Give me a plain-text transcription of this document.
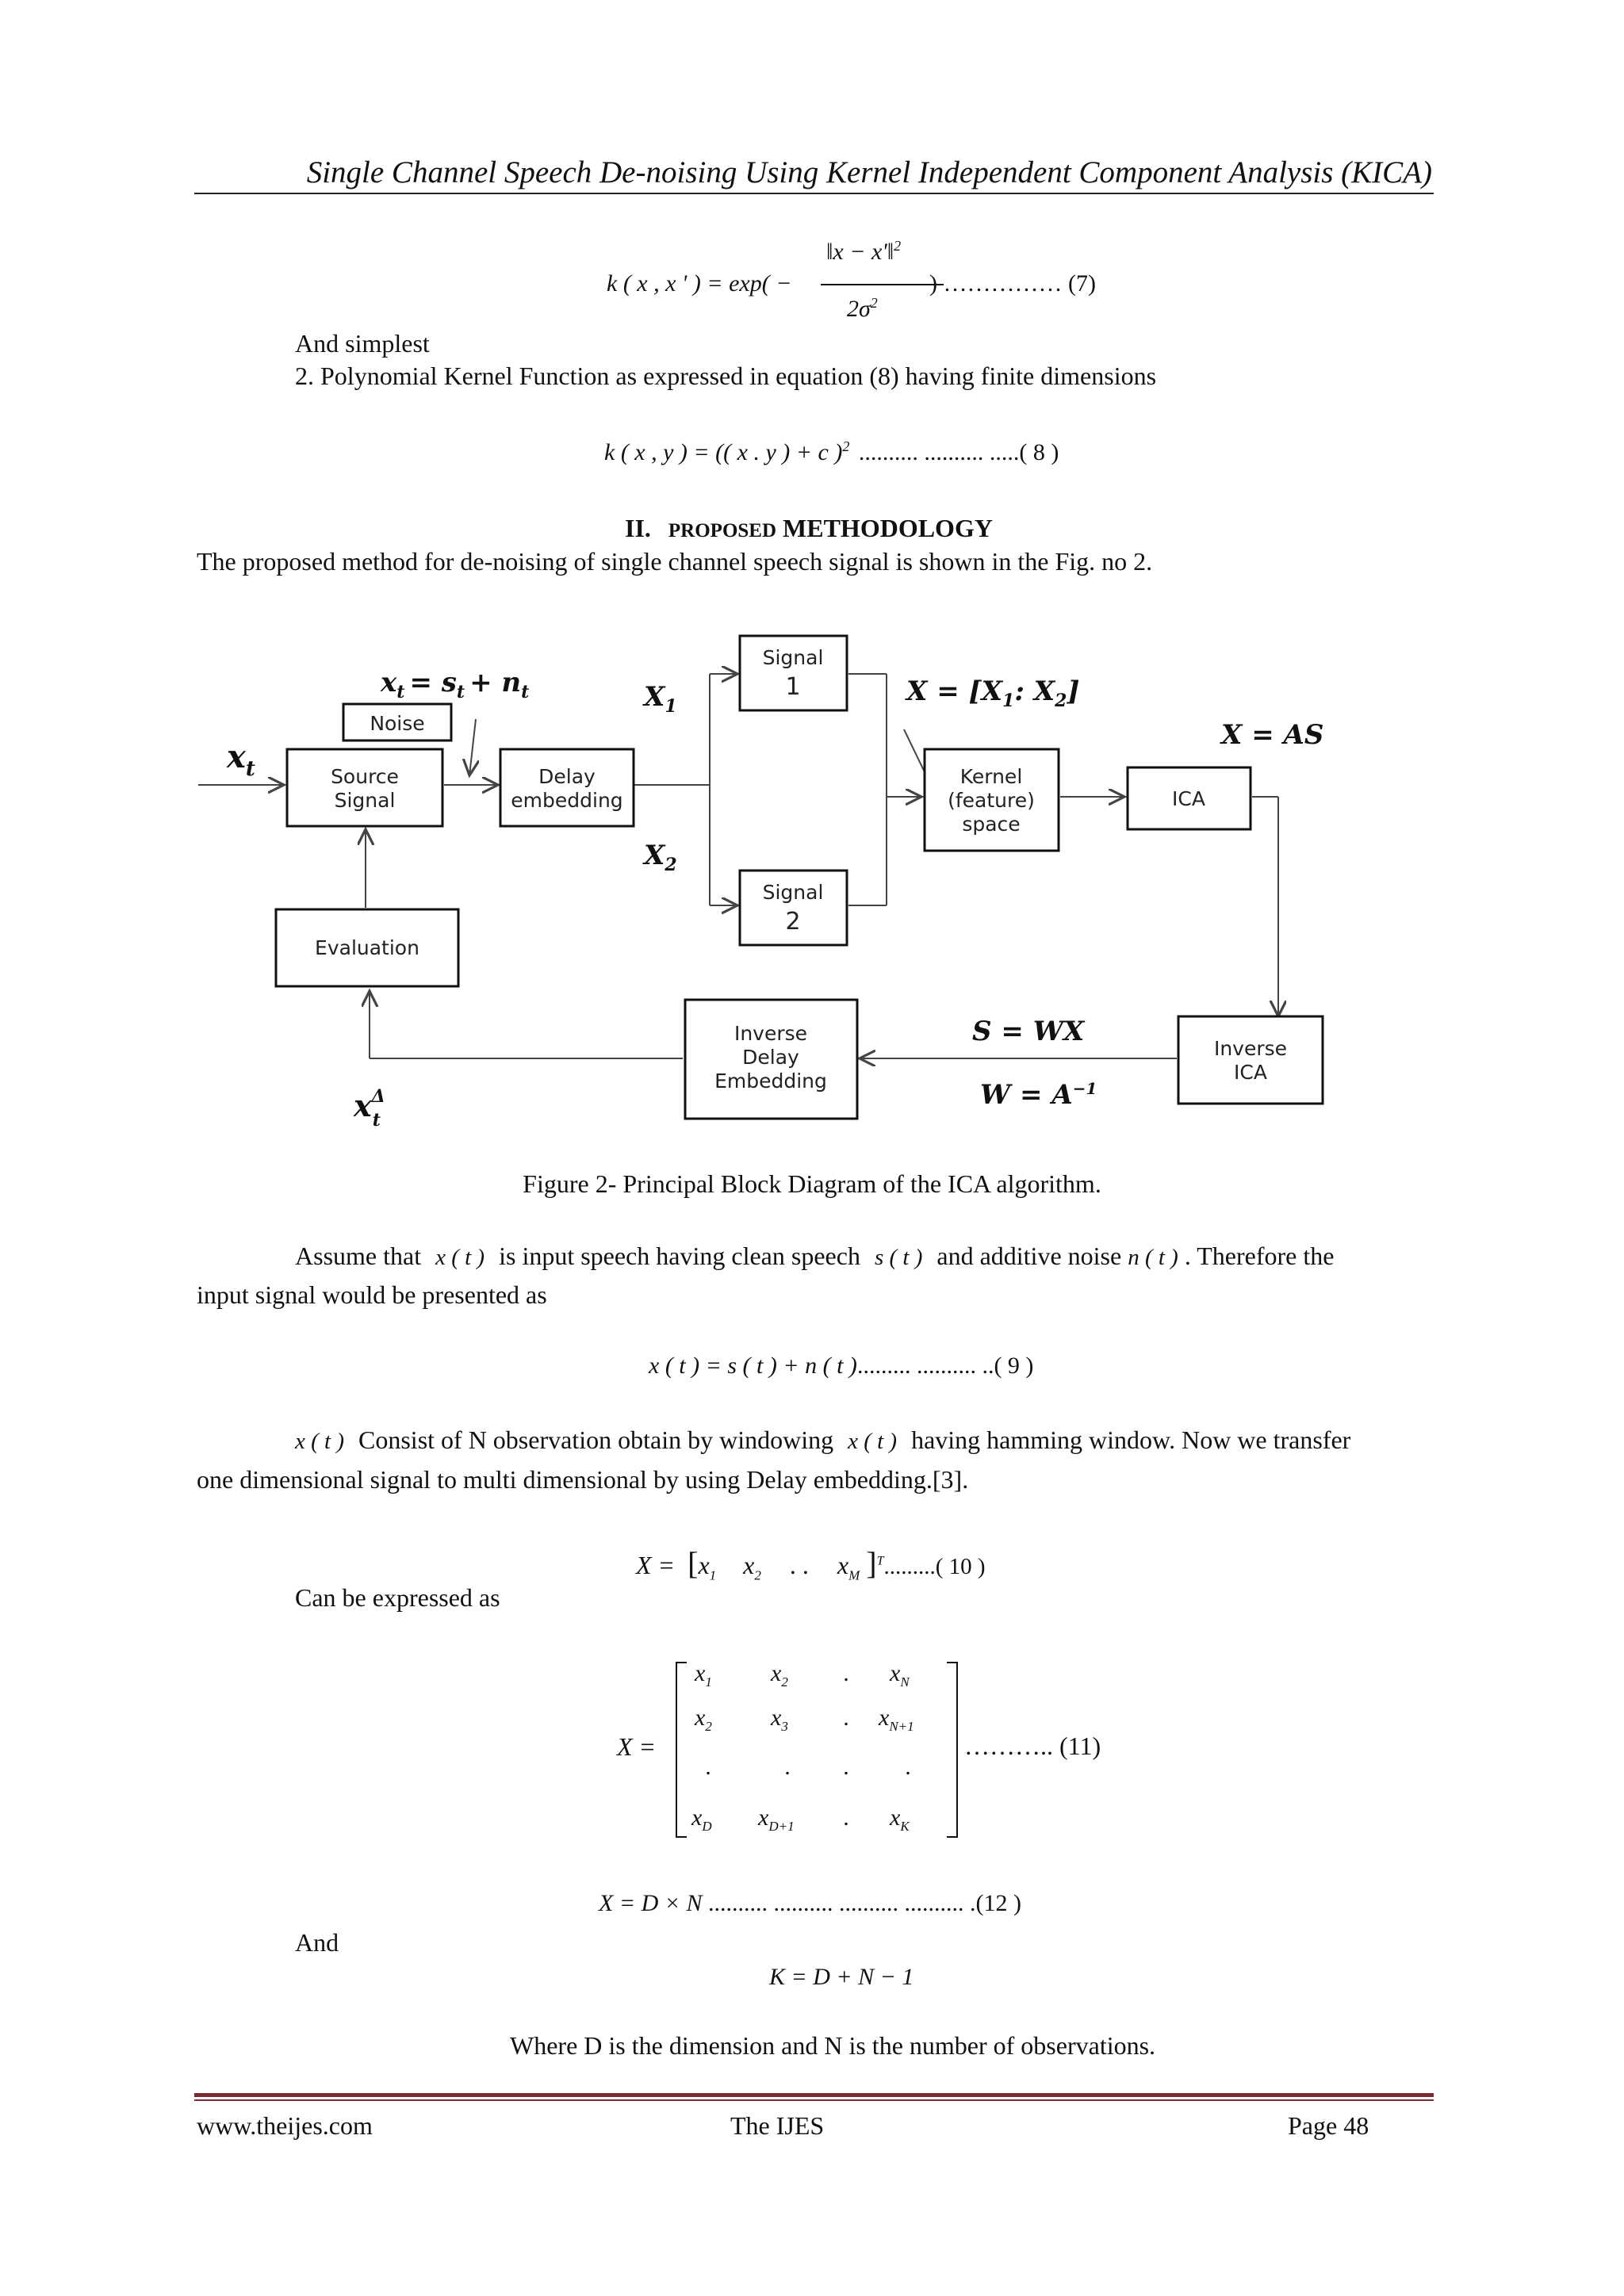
Single Channel Speech De-noising Using Kernel Independent Component Analysis (KICA)
k ( x , x ' ) = exp( −
‖x − x'‖$^2$
$2\sigma^2$
) …………… (7)
And simplest
2. Polynomial Kernel Function as expressed in equation (8) having finite dimensions
k ( x , y ) = (( x . y ) + c )$^2$ .......... .......... .....( 8 )
II. PROPOSED METHODOLOGY
The proposed method for de-noising of single channel speech signal is shown in the Fig. no 2.
Noise
Source
Signal
Delay
embedding
Signal
1
Signal
2
Kernel
(feature)
space
ICA
Evaluation
Inverse
Delay
Embedding
Inverse
ICA
$x_t$
$x_t = s_t + n_t$	$X_1$
$X_2$
$X = [X_1$: $X_2$]
X = AS
S = WX
$W = A^{-1}$
$x^\Delta$ t
Figure 2- Principal Block Diagram of the ICA algorithm.
Assume that x ( t ) is input speech having clean speech s ( t ) and additive noise n ( t ) . Therefore the
input signal would be presented as
x ( t ) = s ( t ) + n ( t )......... .......... ..( 9 )
x ( t ) Consist of N observation obtain by windowing x ( t ) having hamming window. Now we transfer
one dimensional signal to multi dimensional by using Delay embedding.[3].
$X = [x_1$ $x_2$ . . $x_M$ ]$^T$.........( 10 )
Can be expressed as
X =
$x_1$ $x_2$ . $x_N$
$x_2$ $x_3$ . $x_{N+1}$
.	. . .
$x_D$ $x_{D+1}$ . $x_K$
……….. (11)
X = D × N .......... .......... .......... .......... .(12 )
And
K = D + N − 1
Where D is the dimension and N is the number of observations.
www.theijes.com	The IJES	Page 48
